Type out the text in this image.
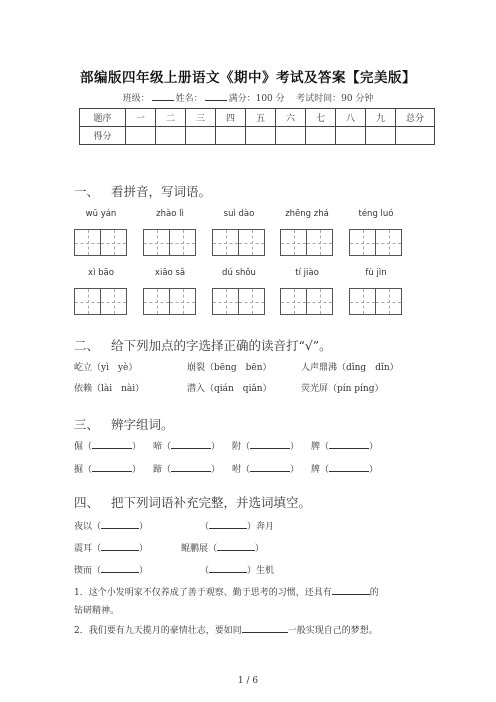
部编版四年级上册语文《期中》考试及答案【完美版】
班级：	姓名：	满分：100 分 考试时间：90 分钟
题序	一	二	三	四	五	六	七	八	九	总分
得分										
一、 看拼音，写词语。
wū yán	zhào lì	suì dào	zhēng zhá	téng luó
xì bāo	xiāo sǎ	dú shǒu	tí jiào	fù jìn
二、 给下列加点的字选择正确的读音打“√”。
屹立（yì　yè）	崩裂（bēng　bēn）	人声鼎沸（dǐng　dǐn）
依赖（lài　nài）	潜入（qián　qiǎn）	荧光屏（pín píng）
三、 辨字组词。
倔（	） 啼（	） 附（	） 脾（	）
掘（	） 蹄（	） 咐（	） 牌（	）
四、 把下列词语补充完整，并选词填空。
夜以（	）	（	）奔月
震耳（	）	鲲鹏展（	）
锲而（	）	（	）生机
1．这个小发明家不仅养成了善于观察、勤于思考的习惯，还具有	的
钻研精神。
2．我们要有九天揽月的豪情壮志，要如同	一般实现自己的梦想。
1 / 6
